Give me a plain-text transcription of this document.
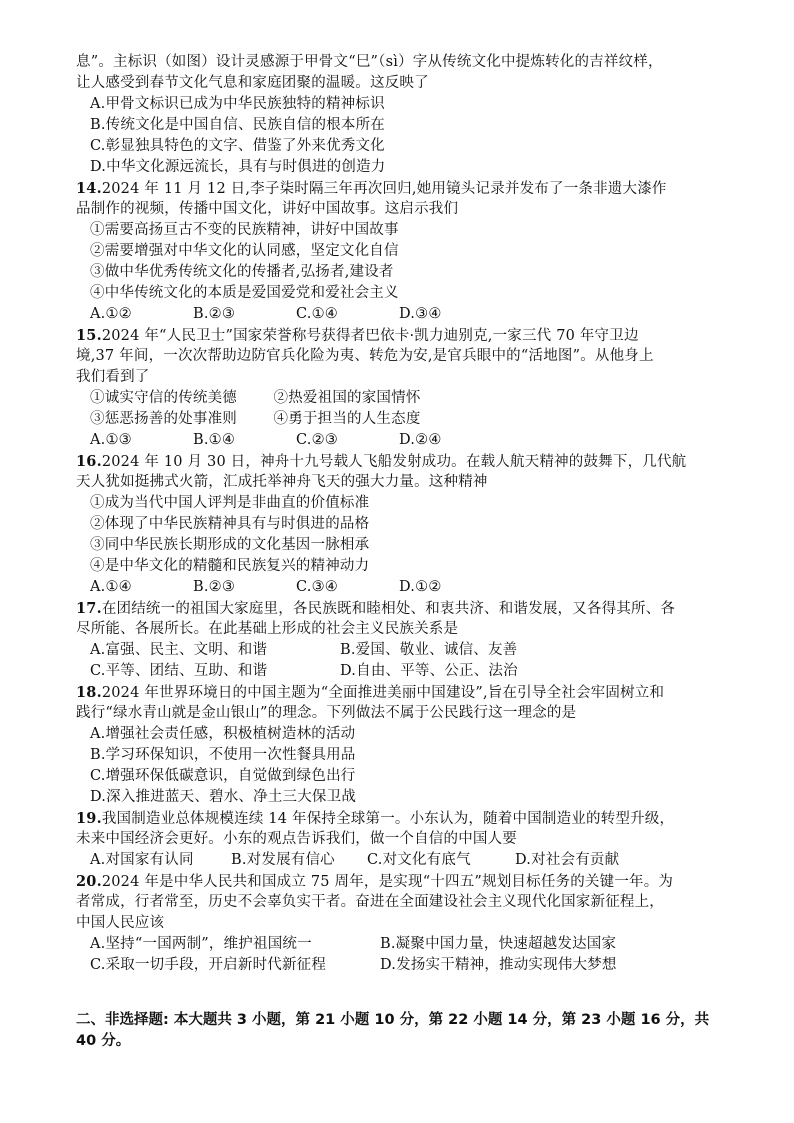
息”。主标识（如图）设计灵感源于甲骨文“巳”（sì）字从传统文化中提炼转化的吉祥纹样，
让人感受到春节文化气息和家庭团聚的温暖。这反映了
A.甲骨文标识已成为中华民族独特的精神标识
B.传统文化是中国自信、民族自信的根本所在
C.彰显独具特色的文字、借鉴了外来优秀文化
D.中华文化源远流长，具有与时俱进的创造力
14.2024 年 11 月 12 日,李子柒时隔三年再次回归,她用镜头记录并发布了一条非遗大漆作
品制作的视频，传播中国文化，讲好中国故事。这启示我们
①需要高扬亘古不变的民族精神，讲好中国故事
②需要增强对中华文化的认同感，坚定文化自信
③做中华优秀传统文化的传播者,弘扬者,建设者
④中华传统文化的本质是爱国爱党和爱社会主义
A.①②	B.②③	C.①④	D.③④
15.2024 年“人民卫士”国家荣誉称号获得者巴依卡·凯力迪别克,一家三代 70 年守卫边
境,37 年间，一次次帮助边防官兵化险为夷、转危为安,是官兵眼中的“活地图”。从他身上
我们看到了
①诚实守信的传统美德	②热爱祖国的家国情怀
③惩恶扬善的处事准则	④勇于担当的人生态度
A.①③	B.①④	C.②③	D.②④
16.2024 年 10 月 30 日，神舟十九号载人飞船发射成功。在载人航天精神的鼓舞下，几代航
天人犹如挺拂式火箭，汇成托举神舟飞天的强大力量。这种精神
①成为当代中国人评判是非曲直的价值标准
②体现了中华民族精神具有与时俱进的品格
③同中华民族长期形成的文化基因一脉相承
④是中华文化的精髓和民族复兴的精神动力
A.①④	B.②③	C.③④	D.①②
17.在团结统一的祖国大家庭里，各民族既和睦相处、和衷共济、和谐发展，又各得其所、各
尽所能、各展所长。在此基础上形成的社会主义民族关系是
A.富强、民主、文明、和谐	B.爱国、敬业、诚信、友善
C.平等、团结、互助、和谐	D.自由、平等、公正、法治
18.2024 年世界环境日的中国主题为“全面推进美丽中国建设”,旨在引导全社会牢固树立和
践行“绿水青山就是金山银山”的理念。下列做法不属于公民践行这一理念的是
A.增强社会责任感，积极植树造林的活动
B.学习环保知识，不使用一次性餐具用品
C.增强环保低碳意识，自觉做到绿色出行
D.深入推进蓝天、碧水、净土三大保卫战
19.我国制造业总体规模连续 14 年保持全球第一。小东认为，随着中国制造业的转型升级，
未来中国经济会更好。小东的观点告诉我们，做一个自信的中国人要
A.对国家有认同	B.对发展有信心	C.对文化有底气	D.对社会有贡献
20.2024 年是中华人民共和国成立 75 周年，是实现“十四五”规划目标任务的关键一年。为
者常成，行者常至，历史不会辜负实干者。奋进在全面建设社会主义现代化国家新征程上，
中国人民应该
A.坚持“一国两制”，维护祖国统一	B.凝聚中国力量，快速超越发达国家
C.采取一切手段，开启新时代新征程	D.发扬实干精神，推动实现伟大梦想
二、非选择题: 本大题共 3 小题，第 21 小题 10 分，第 22 小题 14 分，第 23 小题 16 分，共
40 分。
